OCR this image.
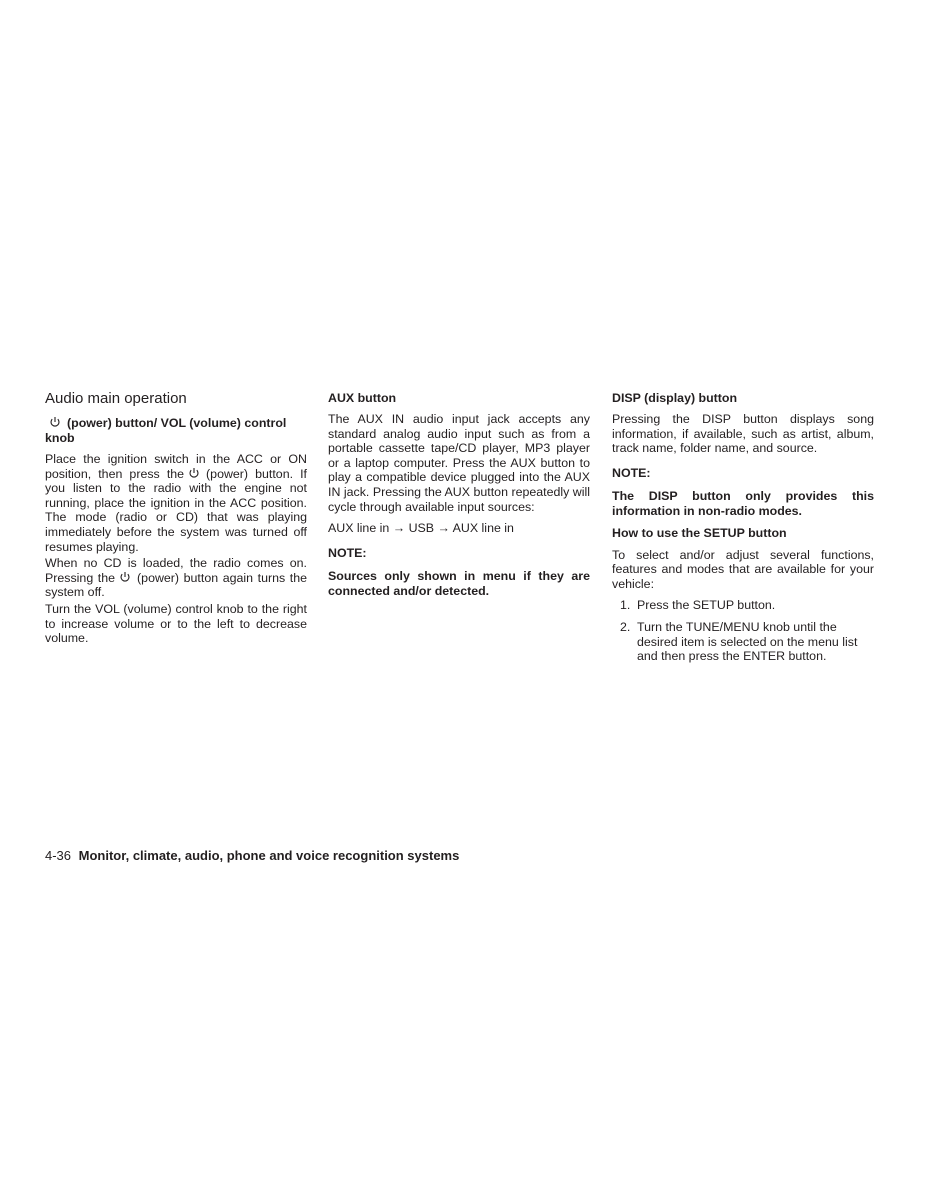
Audio main operation
(power) button/ VOL (volume) control knob

Place the ignition switch in the ACC or ON position, then press the (power) button. If you listen to the radio with the engine not running, place the ignition in the ACC position. The mode (radio or CD) that was playing immediately before the system was turned off resumes playing.

When no CD is loaded, the radio comes on. Pressing the (power) button again turns the system off.

Turn the VOL (volume) control knob to the right to increase volume or to the left to decrease volume.

AUX button

The AUX IN audio input jack accepts any standard analog audio input such as from a portable cassette tape/CD player, MP3 player or a laptop computer. Press the AUX button to play a compatible device plugged into the AUX IN jack. Pressing the AUX button repeatedly will cycle through available input sources:

AUX line in → USB → AUX line in

NOTE:
Sources only shown in menu if they are connected and/or detected.
DISP (display) button

Pressing the DISP button displays song information, if available, such as artist, album, track name, folder name, and source.

NOTE:
The DISP button only provides this information in non-radio modes.
How to use the SETUP button

To select and/or adjust several functions, features and modes that are available for your vehicle:

1. Press the SETUP button.
2. Turn the TUNE/MENU knob until the desired item is selected on the menu list and then press the ENTER button.
4-36 Monitor, climate, audio, phone and voice recognition systems
